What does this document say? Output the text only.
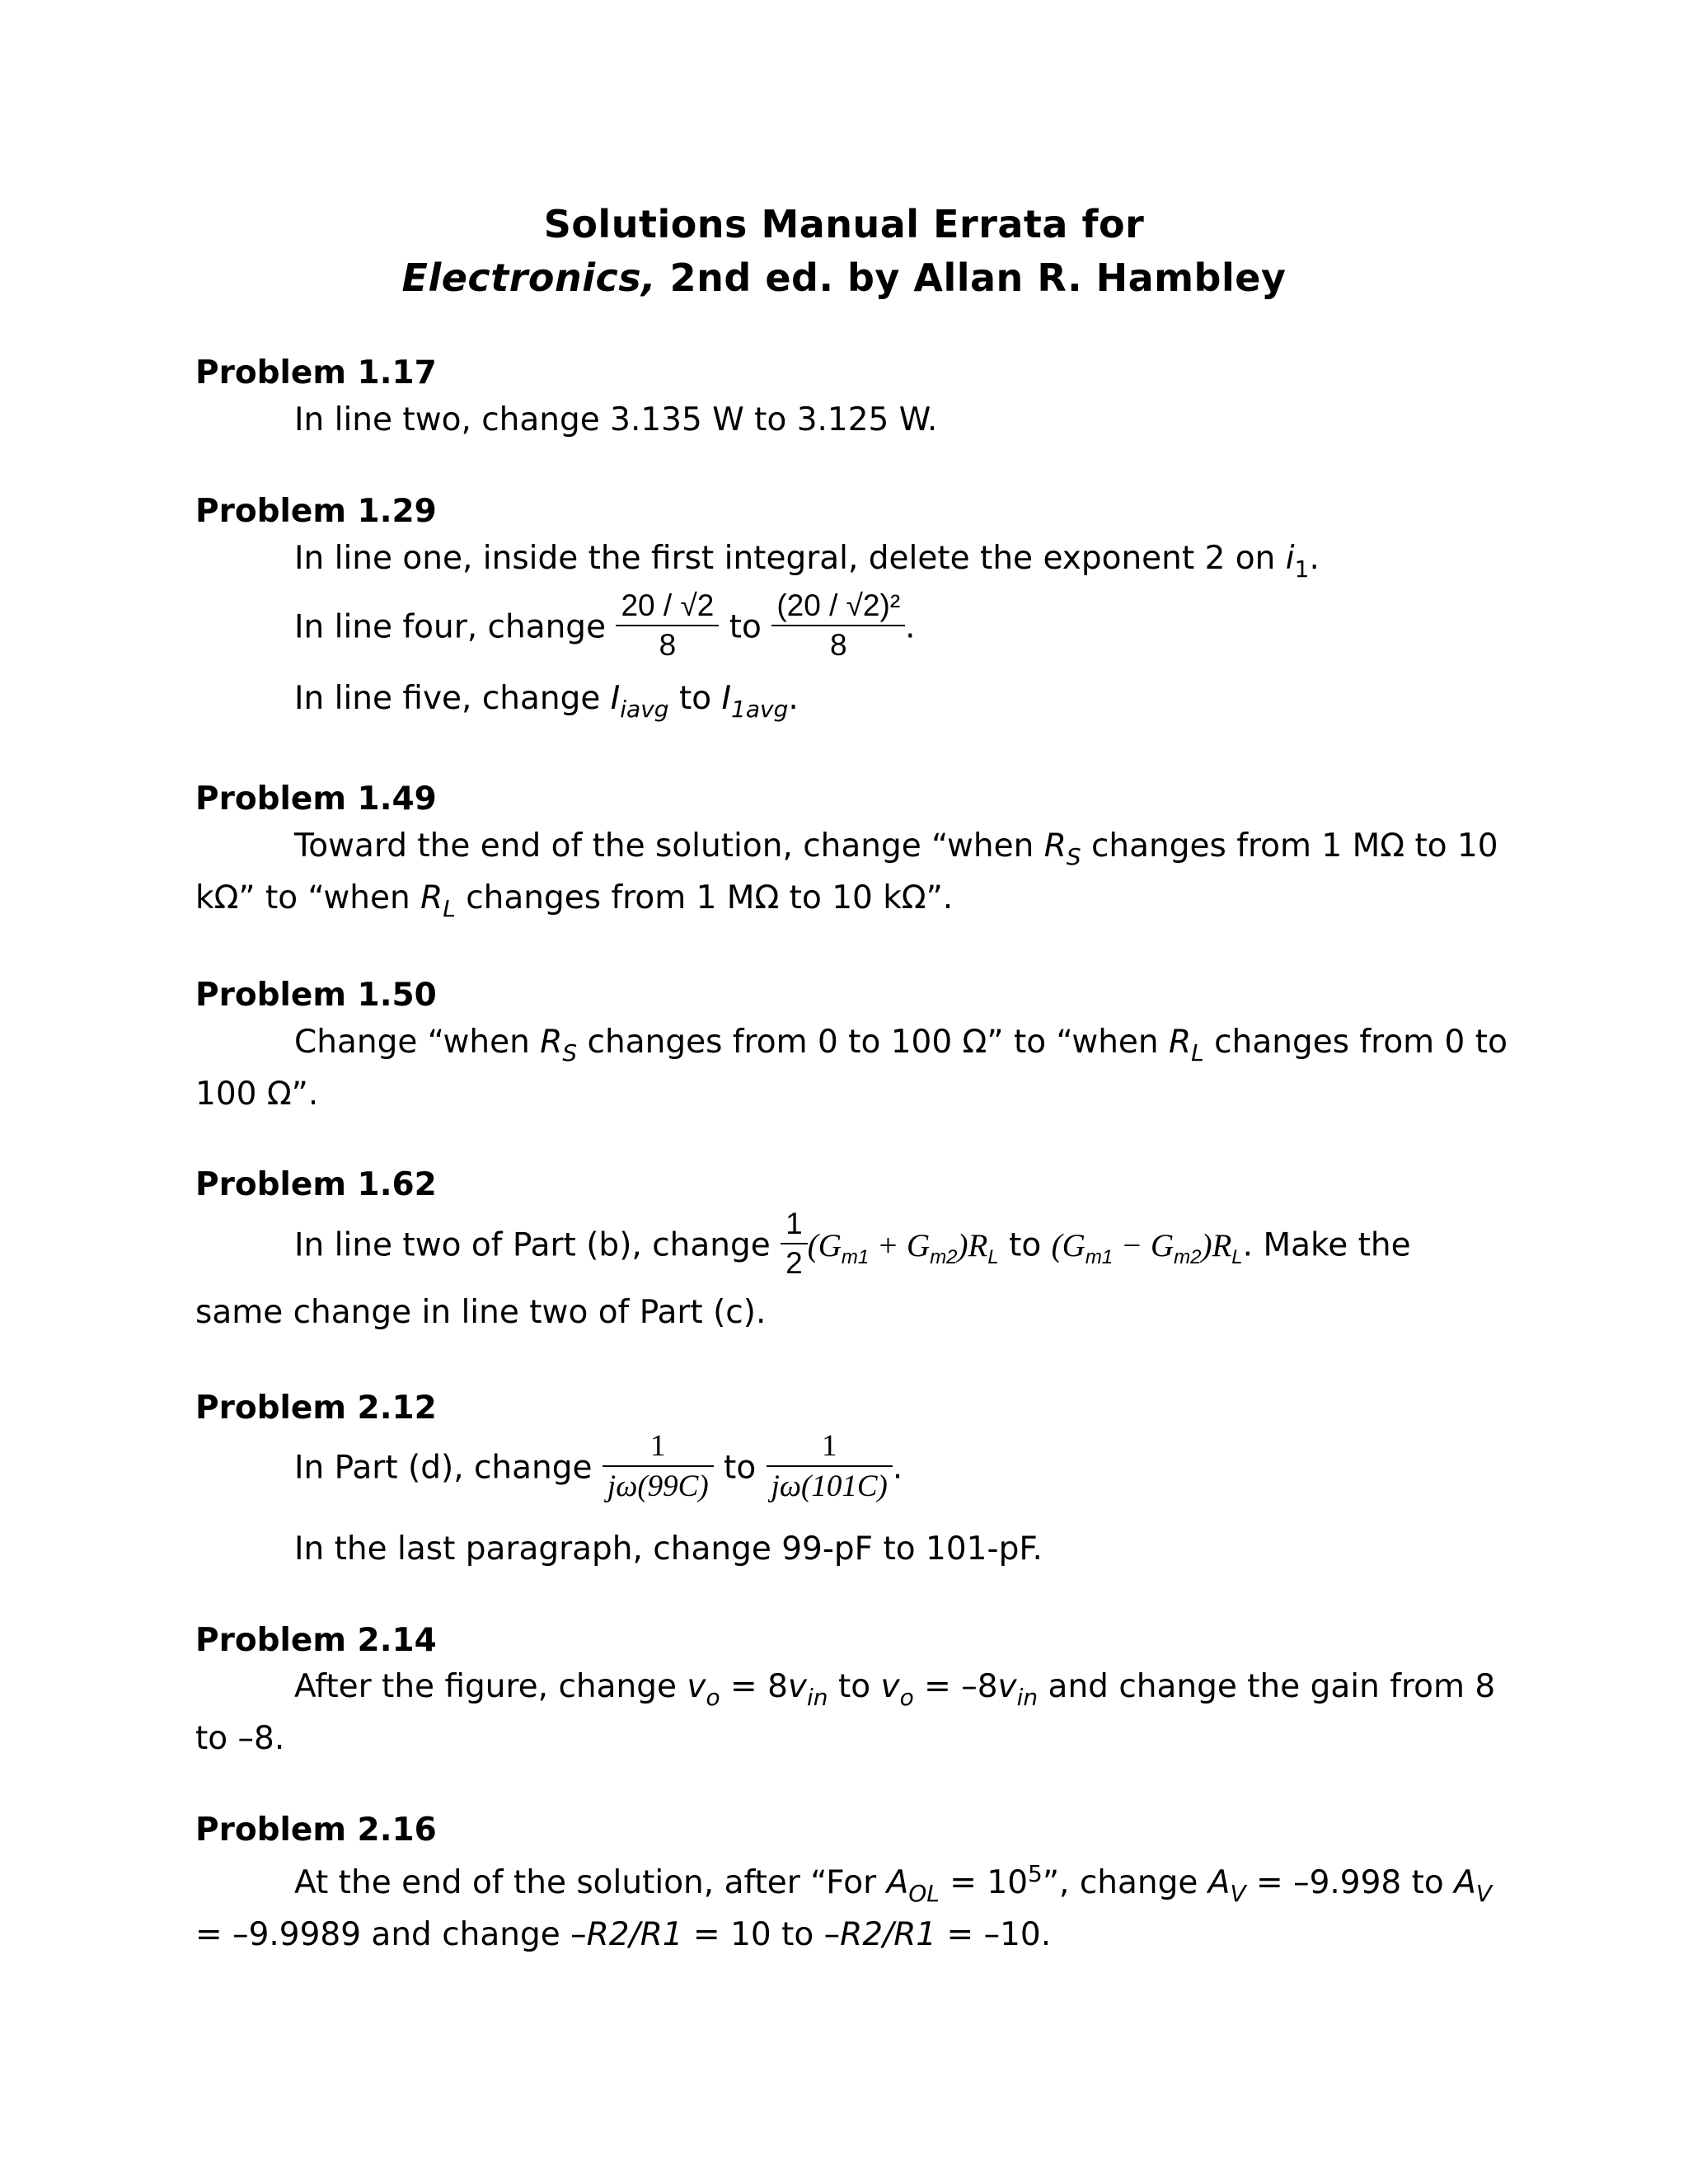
Solutions Manual Errata for
Electronics, 2nd ed. by Allan R. Hambley
Problem 1.17
In line two, change 3.135 W to 3.125 W.
Problem 1.29
In line one, inside the first integral, delete the exponent 2 on $i_1$.
In line four, change $\frac{20 / √2}{8}$ to $\frac{\text{(20 / √2)²}}{8}$ .
In line five, change $I_{iavg}$ to $I_{1avg}$.
Problem 1.49
Toward the end of the solution, change “when $R_S$ changes from 1 MΩ to 10
kΩ” to “when $R_L$ changes from 1 MΩ to 10 kΩ”.
Problem 1.50
Change “when $R_S$ changes from 0 to 100 Ω” to “when $R_L$ changes from 0 to
100 Ω”.
Problem 1.62
In line two of Part (b), change $\frac{1}{2} (G_{m1} + G_{m2})R_L$ to $(G_{m1} - G_{m2})R_L$. Make the
same change in line two of Part (c).
Problem 2.12
In Part (d), change $\frac{1}{j\omega(99C)}$ to $\frac{1}{j\omega(101C)}$ .
In the last paragraph, change 99-pF to 101-pF.
Problem 2.14
After the figure, change $v_o = 8v_{in}$ to $v_o = -8v_{in}$ and change the gain from 8
to –8.
Problem 2.16
At the end of the solution, after “For $A_{OL} = 10^5$”, change $A_V = -9.998$ to $A_V$
= –9.9989 and change –R2/R1 = 10 to –R2/R1 = –10.
